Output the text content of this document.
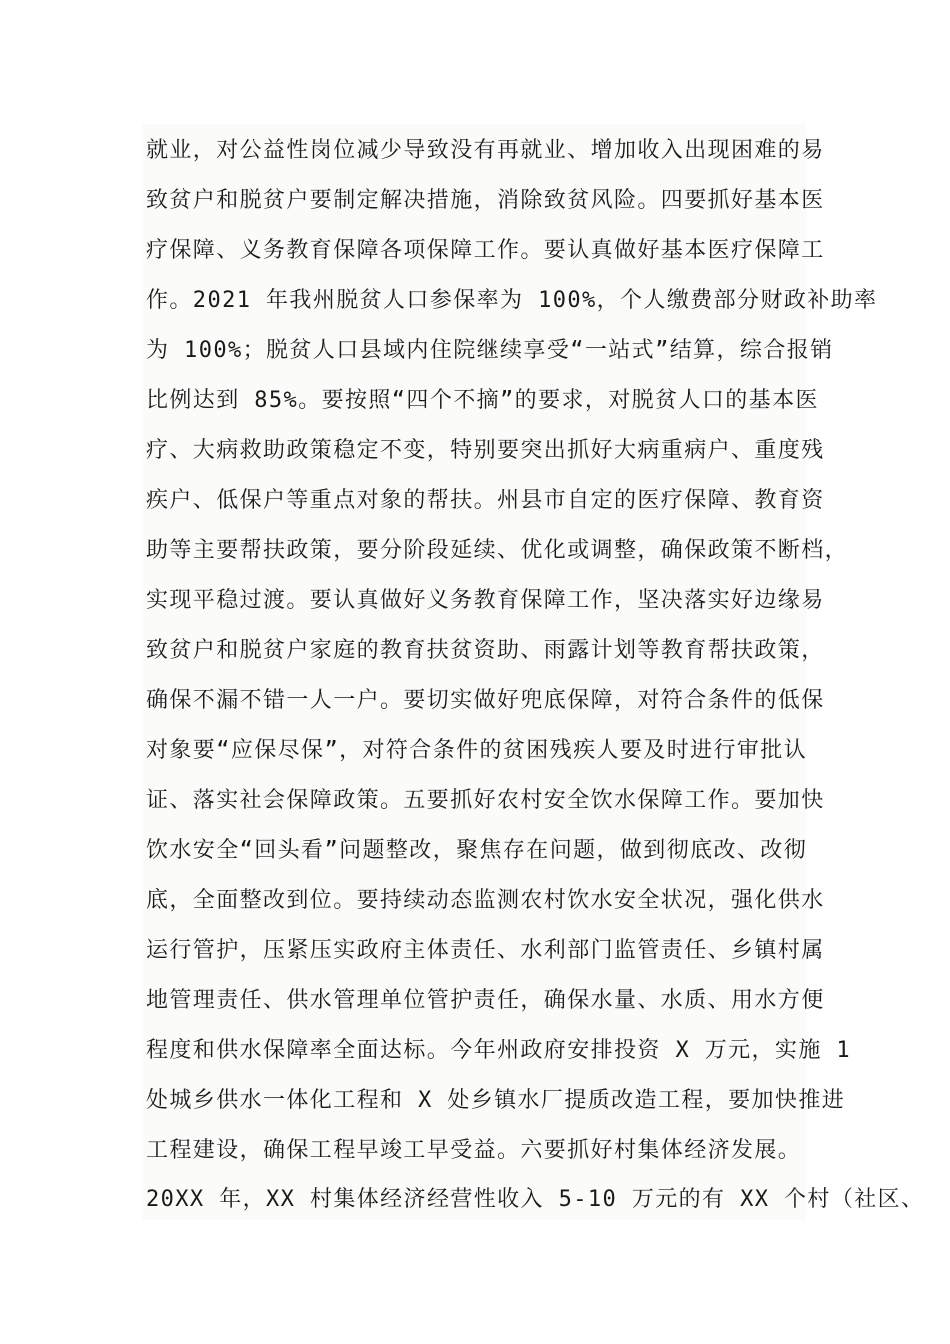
就业，对公益性岗位减少导致没有再就业、增加收入出现困难的易
致贫户和脱贫户要制定解决措施，消除致贫风险。四要抓好基本医
疗保障、义务教育保障各项保障工作。要认真做好基本医疗保障工
作。2021 年我州脱贫人口参保率为 100%，个人缴费部分财政补助率
为 100%；脱贫人口县域内住院继续享受“一站式”结算，综合报销
比例达到 85%。要按照“四个不摘”的要求，对脱贫人口的基本医
疗、大病救助政策稳定不变，特别要突出抓好大病重病户、重度残
疾户、低保户等重点对象的帮扶。州县市自定的医疗保障、教育资
助等主要帮扶政策，要分阶段延续、优化或调整，确保政策不断档，
实现平稳过渡。要认真做好义务教育保障工作，坚决落实好边缘易
致贫户和脱贫户家庭的教育扶贫资助、雨露计划等教育帮扶政策，
确保不漏不错一人一户。要切实做好兜底保障，对符合条件的低保
对象要“应保尽保”，对符合条件的贫困残疾人要及时进行审批认
证、落实社会保障政策。五要抓好农村安全饮水保障工作。要加快
饮水安全“回头看”问题整改，聚焦存在问题，做到彻底改、改彻
底，全面整改到位。要持续动态监测农村饮水安全状况，强化供水
运行管护，压紧压实政府主体责任、水利部门监管责任、乡镇村属
地管理责任、供水管理单位管护责任，确保水量、水质、用水方便
程度和供水保障率全面达标。今年州政府安排投资 X 万元，实施 1
处城乡供水一体化工程和 X 处乡镇水厂提质改造工程，要加快推进
工程建设，确保工程早竣工早受益。六要抓好村集体经济发展。
20XX 年，XX 村集体经济经营性收入 5-10 万元的有 XX 个村（社区、
